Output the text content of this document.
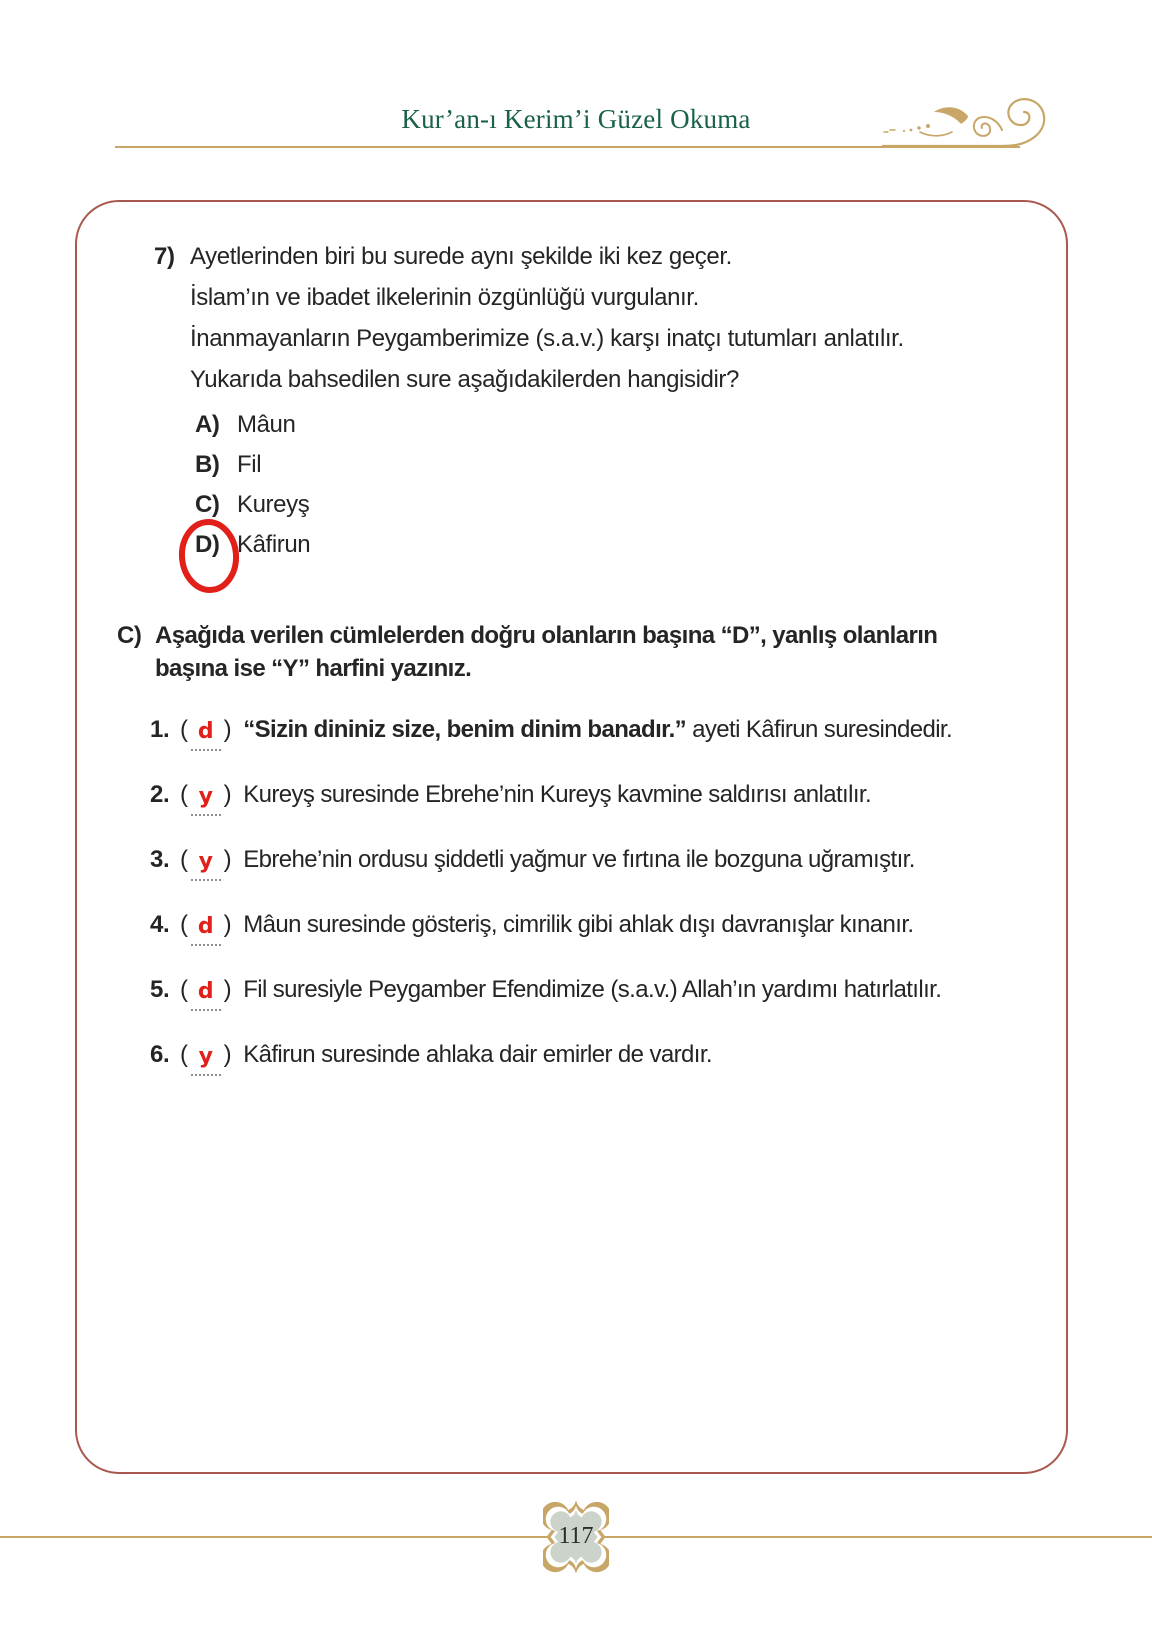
Kur’an-ı Kerim’i Güzel Okuma
7) Ayetlerinden biri bu surede aynı şekilde iki kez geçer.
İslam’ın ve ibadet ilkelerinin özgünlüğü vurgulanır.
İnanmayanların Peygamberimize (s.a.v.) karşı inatçı tutumları anlatılır.
Yukarıda bahsedilen sure aşağıdakilerden hangisidir?
A) Mâun
B) Fil
C) Kureyş
D) Kâfirun
C) Aşağıda verilen cümlelerden doğru olanların başına “D”, yanlış olanların
başına ise “Y” harfini yazınız.
1. ( d ) “Sizin dininiz size, benim dinim banadır.” ayeti Kâfirun suresindedir.
2. ( y ) Kureyş suresinde Ebrehe’nin Kureyş kavmine saldırısı anlatılır.
3. ( y ) Ebrehe’nin ordusu şiddetli yağmur ve fırtına ile bozguna uğramıştır.
4. ( d ) Mâun suresinde gösteriş, cimrilik gibi ahlak dışı davranışlar kınanır.
5. ( d ) Fil suresiyle Peygamber Efendimize (s.a.v.) Allah’ın yardımı hatırlatılır.
6. ( y ) Kâfirun suresinde ahlaka dair emirler de vardır.
117
